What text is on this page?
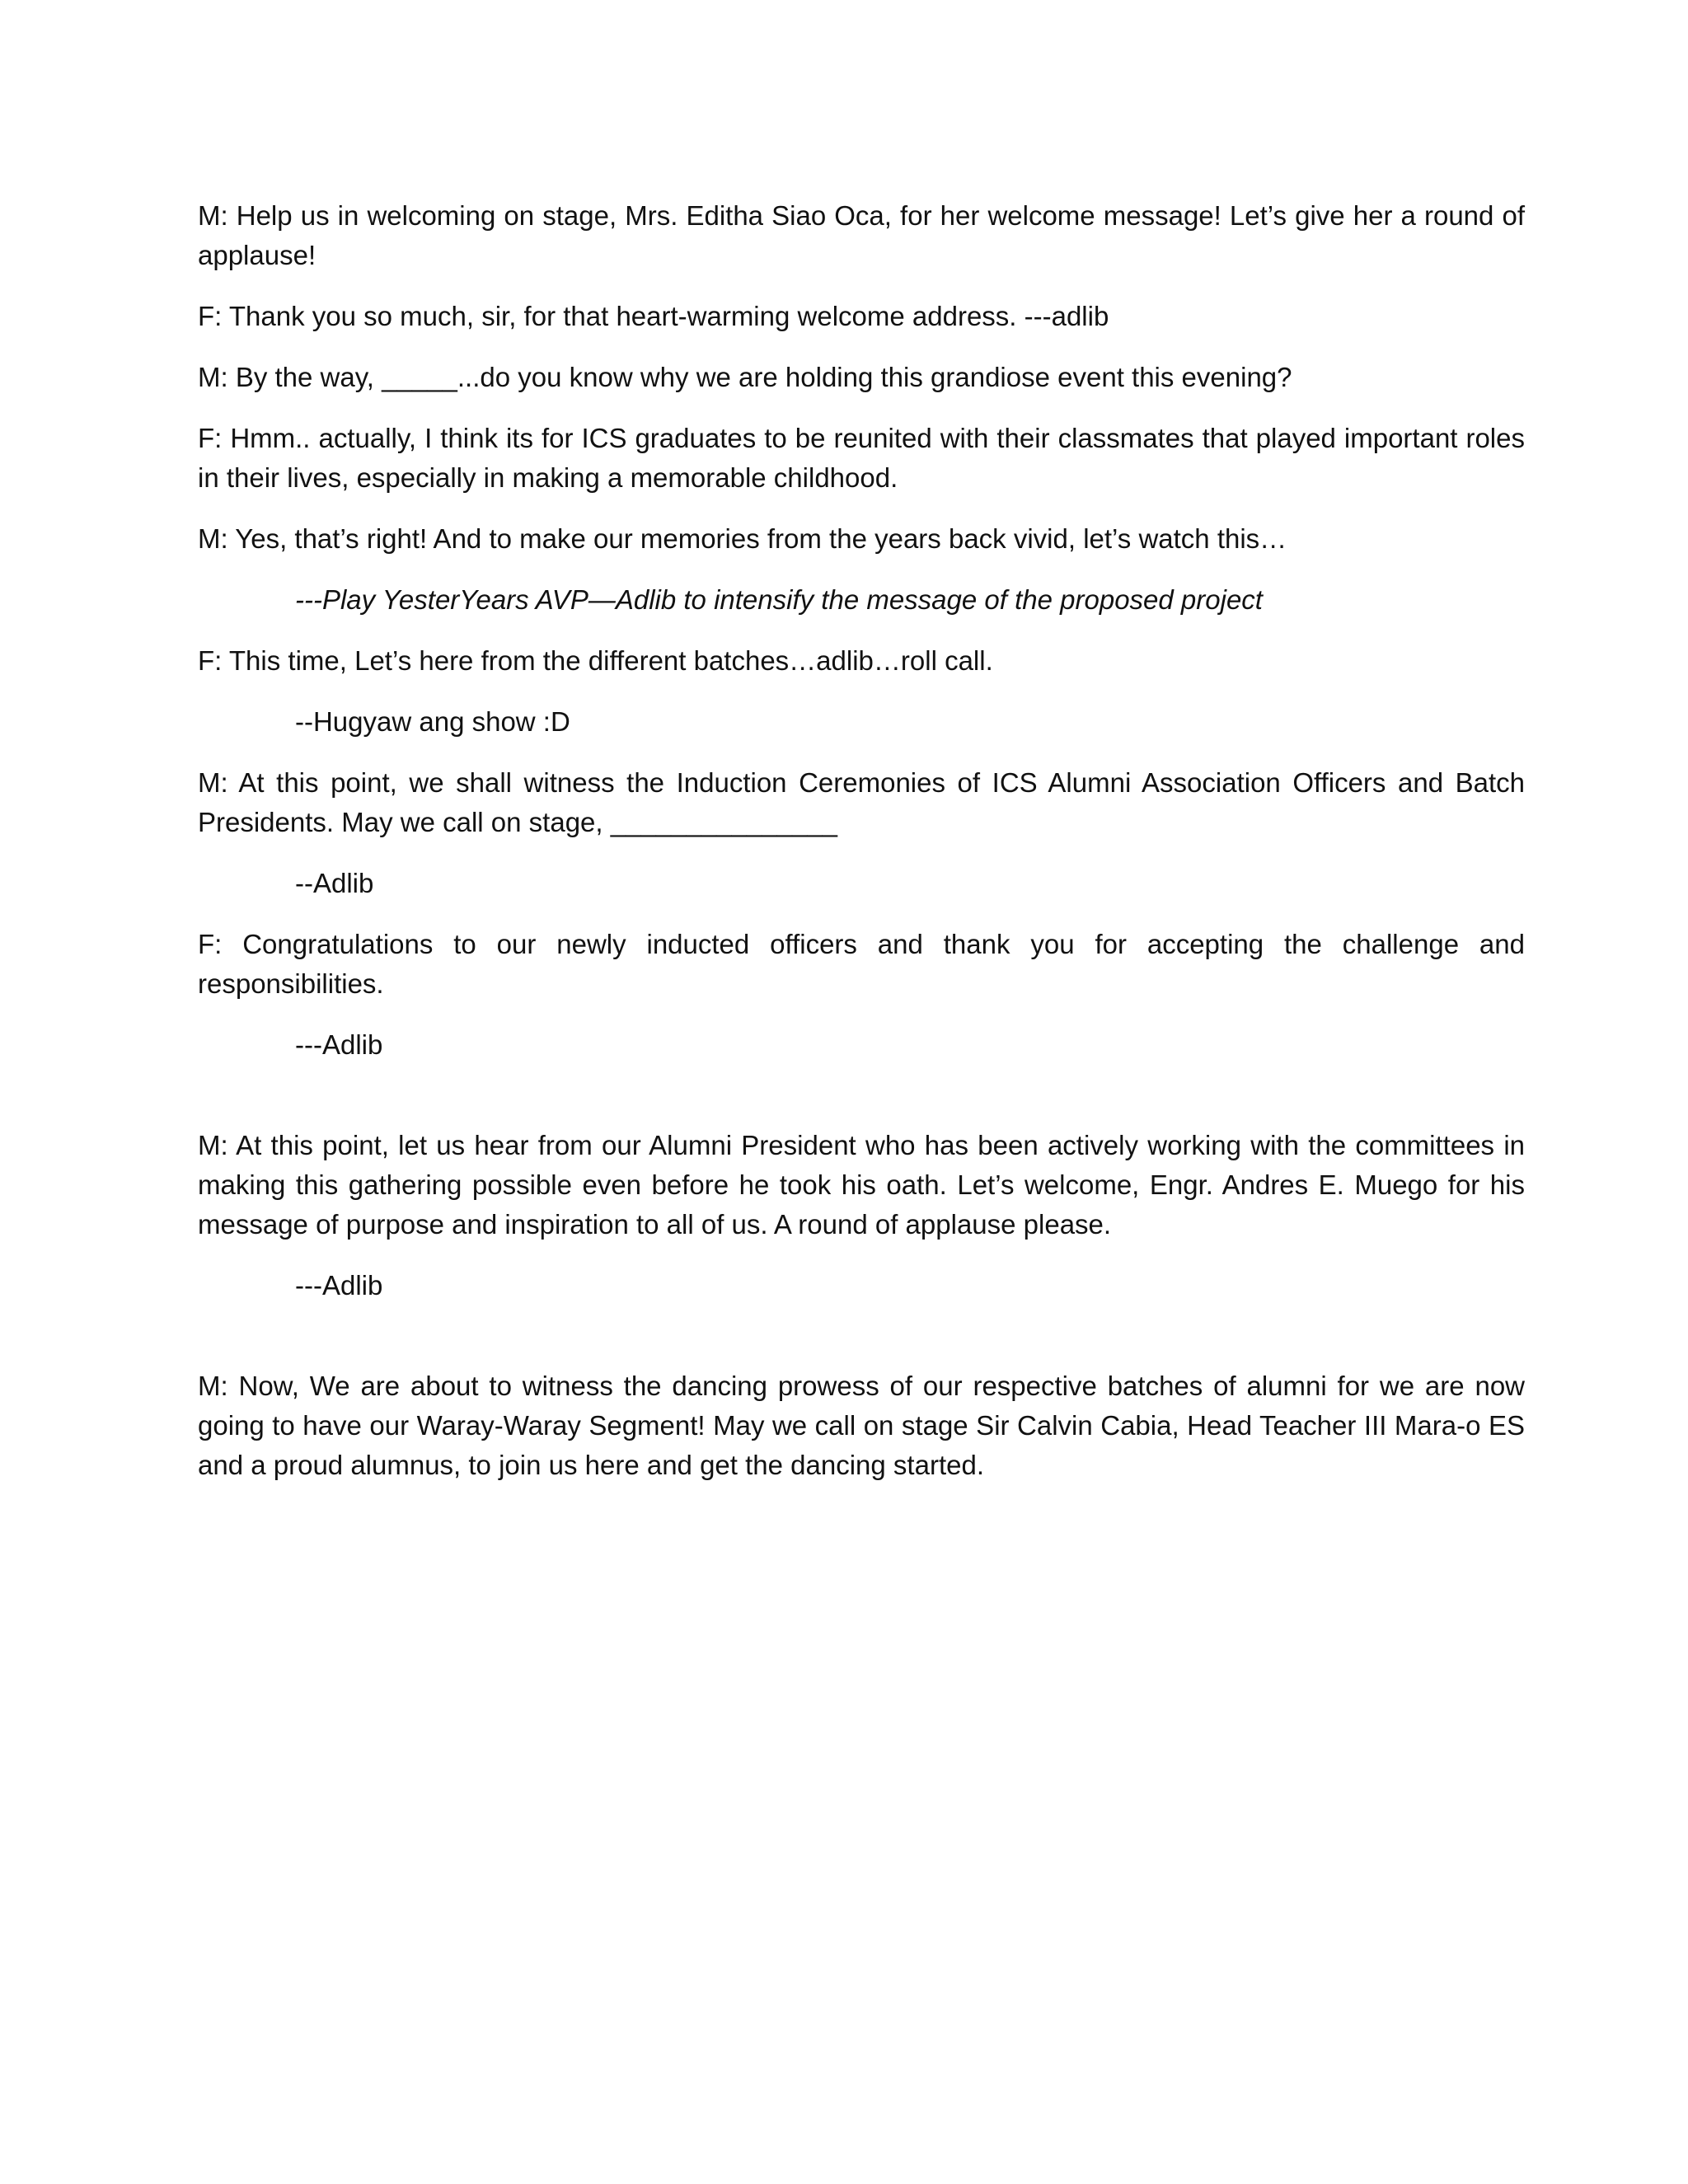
M: Help us in welcoming on stage, Mrs. Editha Siao Oca, for her welcome message! Let’s give her a round of applause!

F: Thank you so much, sir, for that heart-warming welcome address. ---adlib

M: By the way, _____...do you know why we are holding this grandiose event this evening?

F: Hmm.. actually, I think its for ICS graduates to be reunited with their classmates that played important roles in their lives, especially in making a memorable childhood.

M: Yes, that’s right! And to make our memories from the years back vivid, let’s watch this…

---Play YesterYears AVP—Adlib to intensify the message of the proposed project

F: This time, Let’s here from the different batches…adlib…roll call.

--Hugyaw ang show :D

M: At this point, we shall witness the Induction Ceremonies of ICS Alumni Association Officers and Batch Presidents. May we call on stage, _______________

--Adlib

F: Congratulations to our newly inducted officers and thank you for accepting the challenge and responsibilities.

---Adlib

M: At this point, let us hear from our Alumni President who has been actively working with the committees in making this gathering possible even before he took his oath. Let’s welcome, Engr. Andres E. Muego for his message of purpose and inspiration to all of us. A round of applause please.

---Adlib

M: Now, We are about to witness the dancing prowess of our respective batches of alumni for we are now going to have our Waray-Waray Segment! May we call on stage Sir Calvin Cabia, Head Teacher III Mara-o ES and a proud alumnus, to join us here and get the dancing started.
